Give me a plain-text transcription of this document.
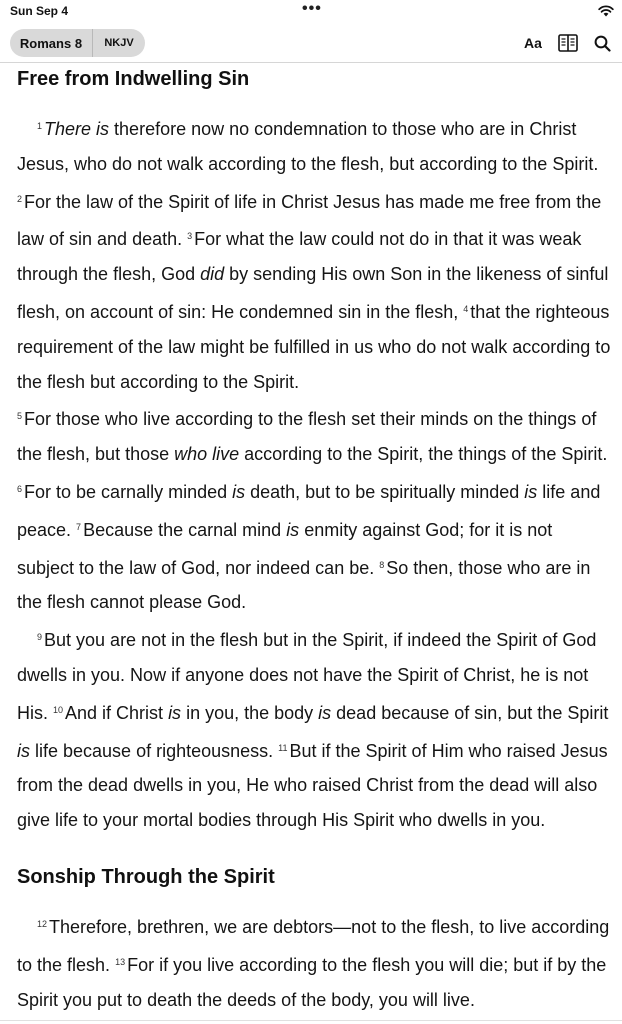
Sun Sep 4	•••
Romans 8	NKJV	Aa
Free from Indwelling Sin

$^1$ There is therefore now no condemnation to those who are in Christ Jesus, who do not walk according to the flesh, but according to the Spirit. $^2$ For the law of the Spirit of life in Christ Jesus has made me free from the law of sin and death. $^3$ For what the law could not do in that it was weak through the flesh, God did by sending His own Son in the likeness of sinful flesh, on account of sin: He condemned sin in the flesh, $^4$ that the righteous requirement of the law might be fulfilled in us who do not walk according to the flesh but according to the Spirit.

$^5$ For those who live according to the flesh set their minds on the things of the flesh, but those who live according to the Spirit, the things of the Spirit. $^6$ For to be carnally minded is death, but to be spiritually minded is life and peace. $^7$ Because the carnal mind is enmity against God; for it is not subject to the law of God, nor indeed can be. $^8$ So then, those who are in the flesh cannot please God.

$^9$ But you are not in the flesh but in the Spirit, if indeed the Spirit of God dwells in you. Now if anyone does not have the Spirit of Christ, he is not His. $^{10}$ And if Christ is in you, the body is dead because of sin, but the Spirit is life because of righteousness. $^{11}$ But if the Spirit of Him who raised Jesus from the dead dwells in you, He who raised Christ from the dead will also give life to your mortal bodies through His Spirit who dwells in you.

Sonship Through the Spirit

$^{12}$ Therefore, brethren, we are debtors—not to the flesh, to live according to the flesh. $^{13}$ For if you live according to the flesh you will die; but if by the Spirit you put to death the deeds of the body, you will live.
